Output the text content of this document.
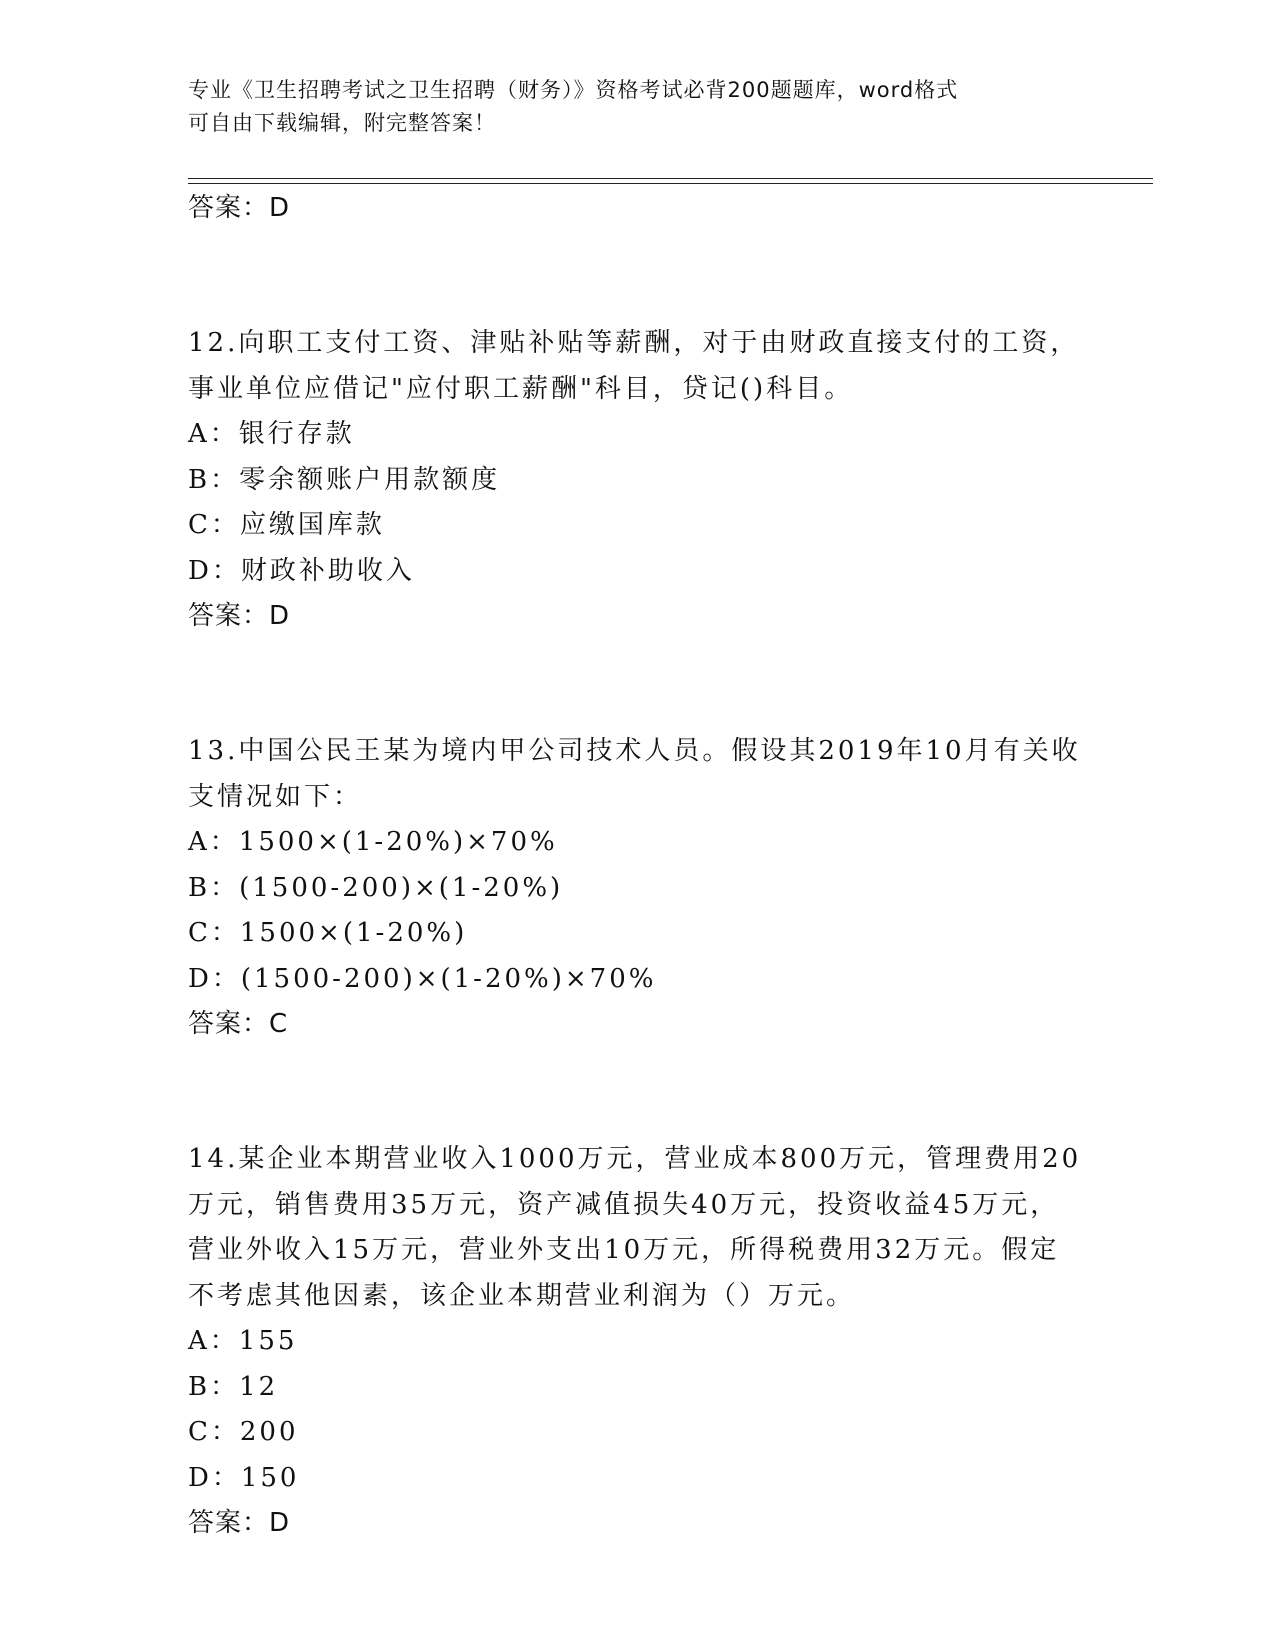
专业《卫生招聘考试之卫生招聘（财务）》资格考试必背200题题库，word格式
可自由下载编辑，附完整答案！
答案：D
12.向职工支付工资、津贴补贴等薪酬，对于由财政直接支付的工资，
事业单位应借记"应付职工薪酬"科目，贷记()科目。
A：银行存款
B：零余额账户用款额度
C：应缴国库款
D：财政补助收入
答案：D
13.中国公民王某为境内甲公司技术人员。假设其2019年10月有关收
支情况如下：
A：1500×(1-20%)×70%
B：(1500-200)×(1-20%)
C：1500×(1-20%)
D：(1500-200)×(1-20%)×70%
答案：C
14.某企业本期营业收入1000万元，营业成本800万元，管理费用20
万元，销售费用35万元，资产减值损失40万元，投资收益45万元，
营业外收入15万元，营业外支出10万元，所得税费用32万元。假定
不考虑其他因素，该企业本期营业利润为（）万元。
A：155
B：12
C：200
D：150
答案：D
